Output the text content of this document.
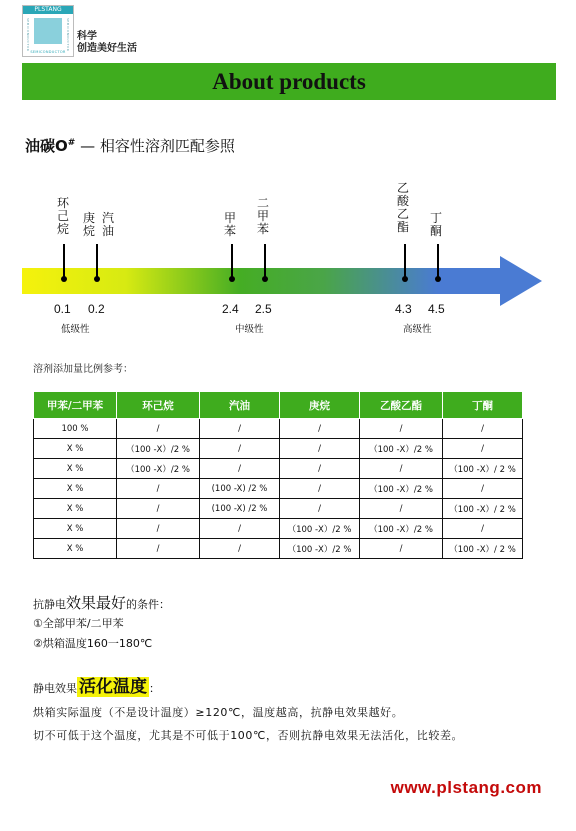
PLSTANG
SEMICONDUCTOR	SEMICONDUCTOR
SEMICONDUCTOR
科学
创造美好生活
About products
油碳O# — 相容性溶剂匹配参照
环己烷
庚烷
汽油
甲苯
二甲苯
乙酸乙酯
丁酮
0.1 0.2	2.4 2.5	4.3 4.5
低级性	中级性	高级性
溶剂添加量比例参考：
甲苯/二甲苯	环己烷	汽油	庚烷	乙酸乙酯	丁酮
100 %	/	/	/	/	/
X %	（100 -X）/2 %	/	/	（100 -X）/2 %	/
X %	（100 -X）/2 %	/	/	/	（100 -X）/ 2 %
X %	/	(100 -X) /2 %	/	（100 -X）/2 %	/
X %	/	(100 -X) /2 %	/	/	（100 -X）/ 2 %
X %	/	/	（100 -X）/2 %	（100 -X）/2 %	/
X %	/	/	（100 -X）/2 %	/	（100 -X）/ 2 %
抗静电效果最好的条件：
①全部甲苯/二甲苯
②烘箱温度160一180℃
静电效果 活化温度 ：
烘箱实际温度（不是设计温度）≥120℃，温度越高，抗静电效果越好。
切不可低于这个温度，尤其是不可低于100℃，否则抗静电效果无法活化，比较差。
www.plstang.com
